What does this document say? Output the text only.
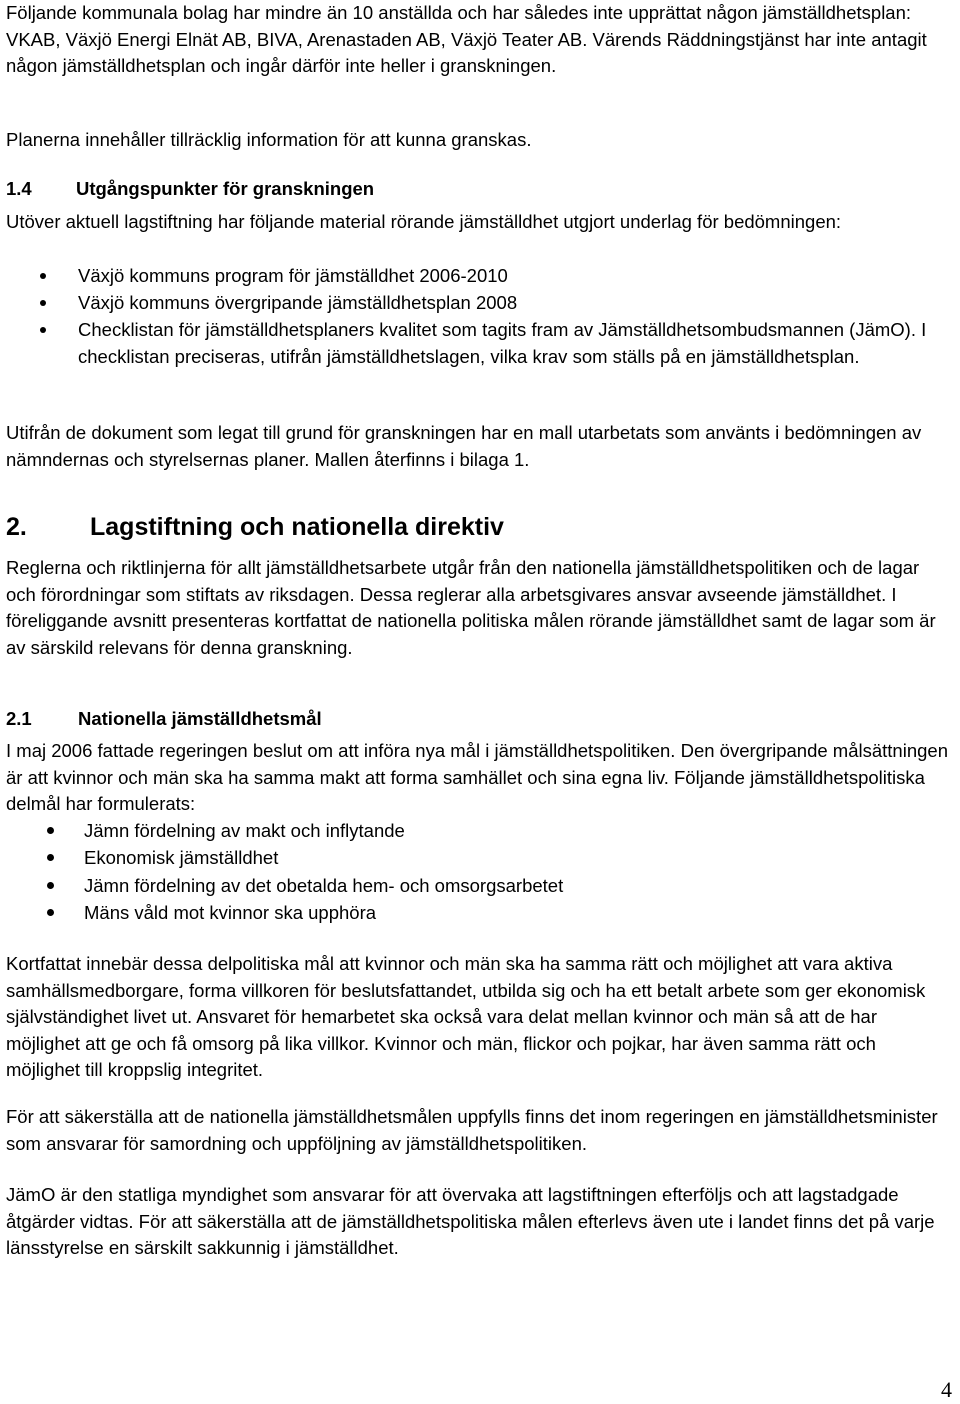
Följande kommunala bolag har mindre än 10 anställda och har således inte upprättat någon jämställdhetsplan: VKAB, Växjö Energi Elnät AB, BIVA, Arenastaden AB, Växjö Teater AB. Värends Räddningstjänst har inte antagit någon jämställdhetsplan och ingår därför inte heller i granskningen.

Planerna innehåller tillräcklig information för att kunna granskas.

1.4 Utgångspunkter för granskningen

Utöver aktuell lagstiftning har följande material rörande jämställdhet utgjort underlag för bedömningen:

Växjö kommuns program för jämställdhet 2006-2010
Växjö kommuns övergripande jämställdhetsplan 2008
Checklistan för jämställdhetsplaners kvalitet som tagits fram av Jämställdhetsombudsmannen (JämO). I checklistan preciseras, utifrån jämställdhetslagen, vilka krav som ställs på en jämställdhetsplan.

Utifrån de dokument som legat till grund för granskningen har en mall utarbetats som använts i bedömningen av nämndernas och styrelsernas planer. Mallen återfinns i bilaga 1.

2.	Lagstiftning och nationella direktiv

Reglerna och riktlinjerna för allt jämställdhetsarbete utgår från den nationella jämställdhetspolitiken och de lagar och förordningar som stiftats av riksdagen. Dessa reglerar alla arbetsgivares ansvar avseende jämställdhet. I föreliggande avsnitt presenteras kortfattat de nationella politiska målen rörande jämställdhet samt de lagar som är av särskild relevans för denna granskning.

2.1	Nationella jämställdhetsmål

I maj 2006 fattade regeringen beslut om att införa nya mål i jämställdhetspolitiken. Den övergripande målsättningen är att kvinnor och män ska ha samma makt att forma samhället och sina egna liv. Följande jämställdhetspolitiska delmål har formulerats:

Jämn fördelning av makt och inflytande
Ekonomisk jämställdhet
Jämn fördelning av det obetalda hem- och omsorgsarbetet
Mäns våld mot kvinnor ska upphöra

Kortfattat innebär dessa delpolitiska mål att kvinnor och män ska ha samma rätt och möjlighet att vara aktiva samhällsmedborgare, forma villkoren för beslutsfattandet, utbilda sig och ha ett betalt arbete som ger ekonomisk självständighet livet ut. Ansvaret för hemarbetet ska också vara delat mellan kvinnor och män så att de har möjlighet att ge och få omsorg på lika villkor. Kvinnor och män, flickor och pojkar, har även samma rätt och möjlighet till kroppslig integritet.

För att säkerställa att de nationella jämställdhetsmålen uppfylls finns det inom regeringen en jämställdhetsminister som ansvarar för samordning och uppföljning av jämställdhetspolitiken.

JämO är den statliga myndighet som ansvarar för att övervaka att lagstiftningen efterföljs och att lagstadgade åtgärder vidtas. För att säkerställa att de jämställdhetspolitiska målen efterlevs även ute i landet finns det på varje länsstyrelse en särskilt sakkunnig i jämställdhet.

4
